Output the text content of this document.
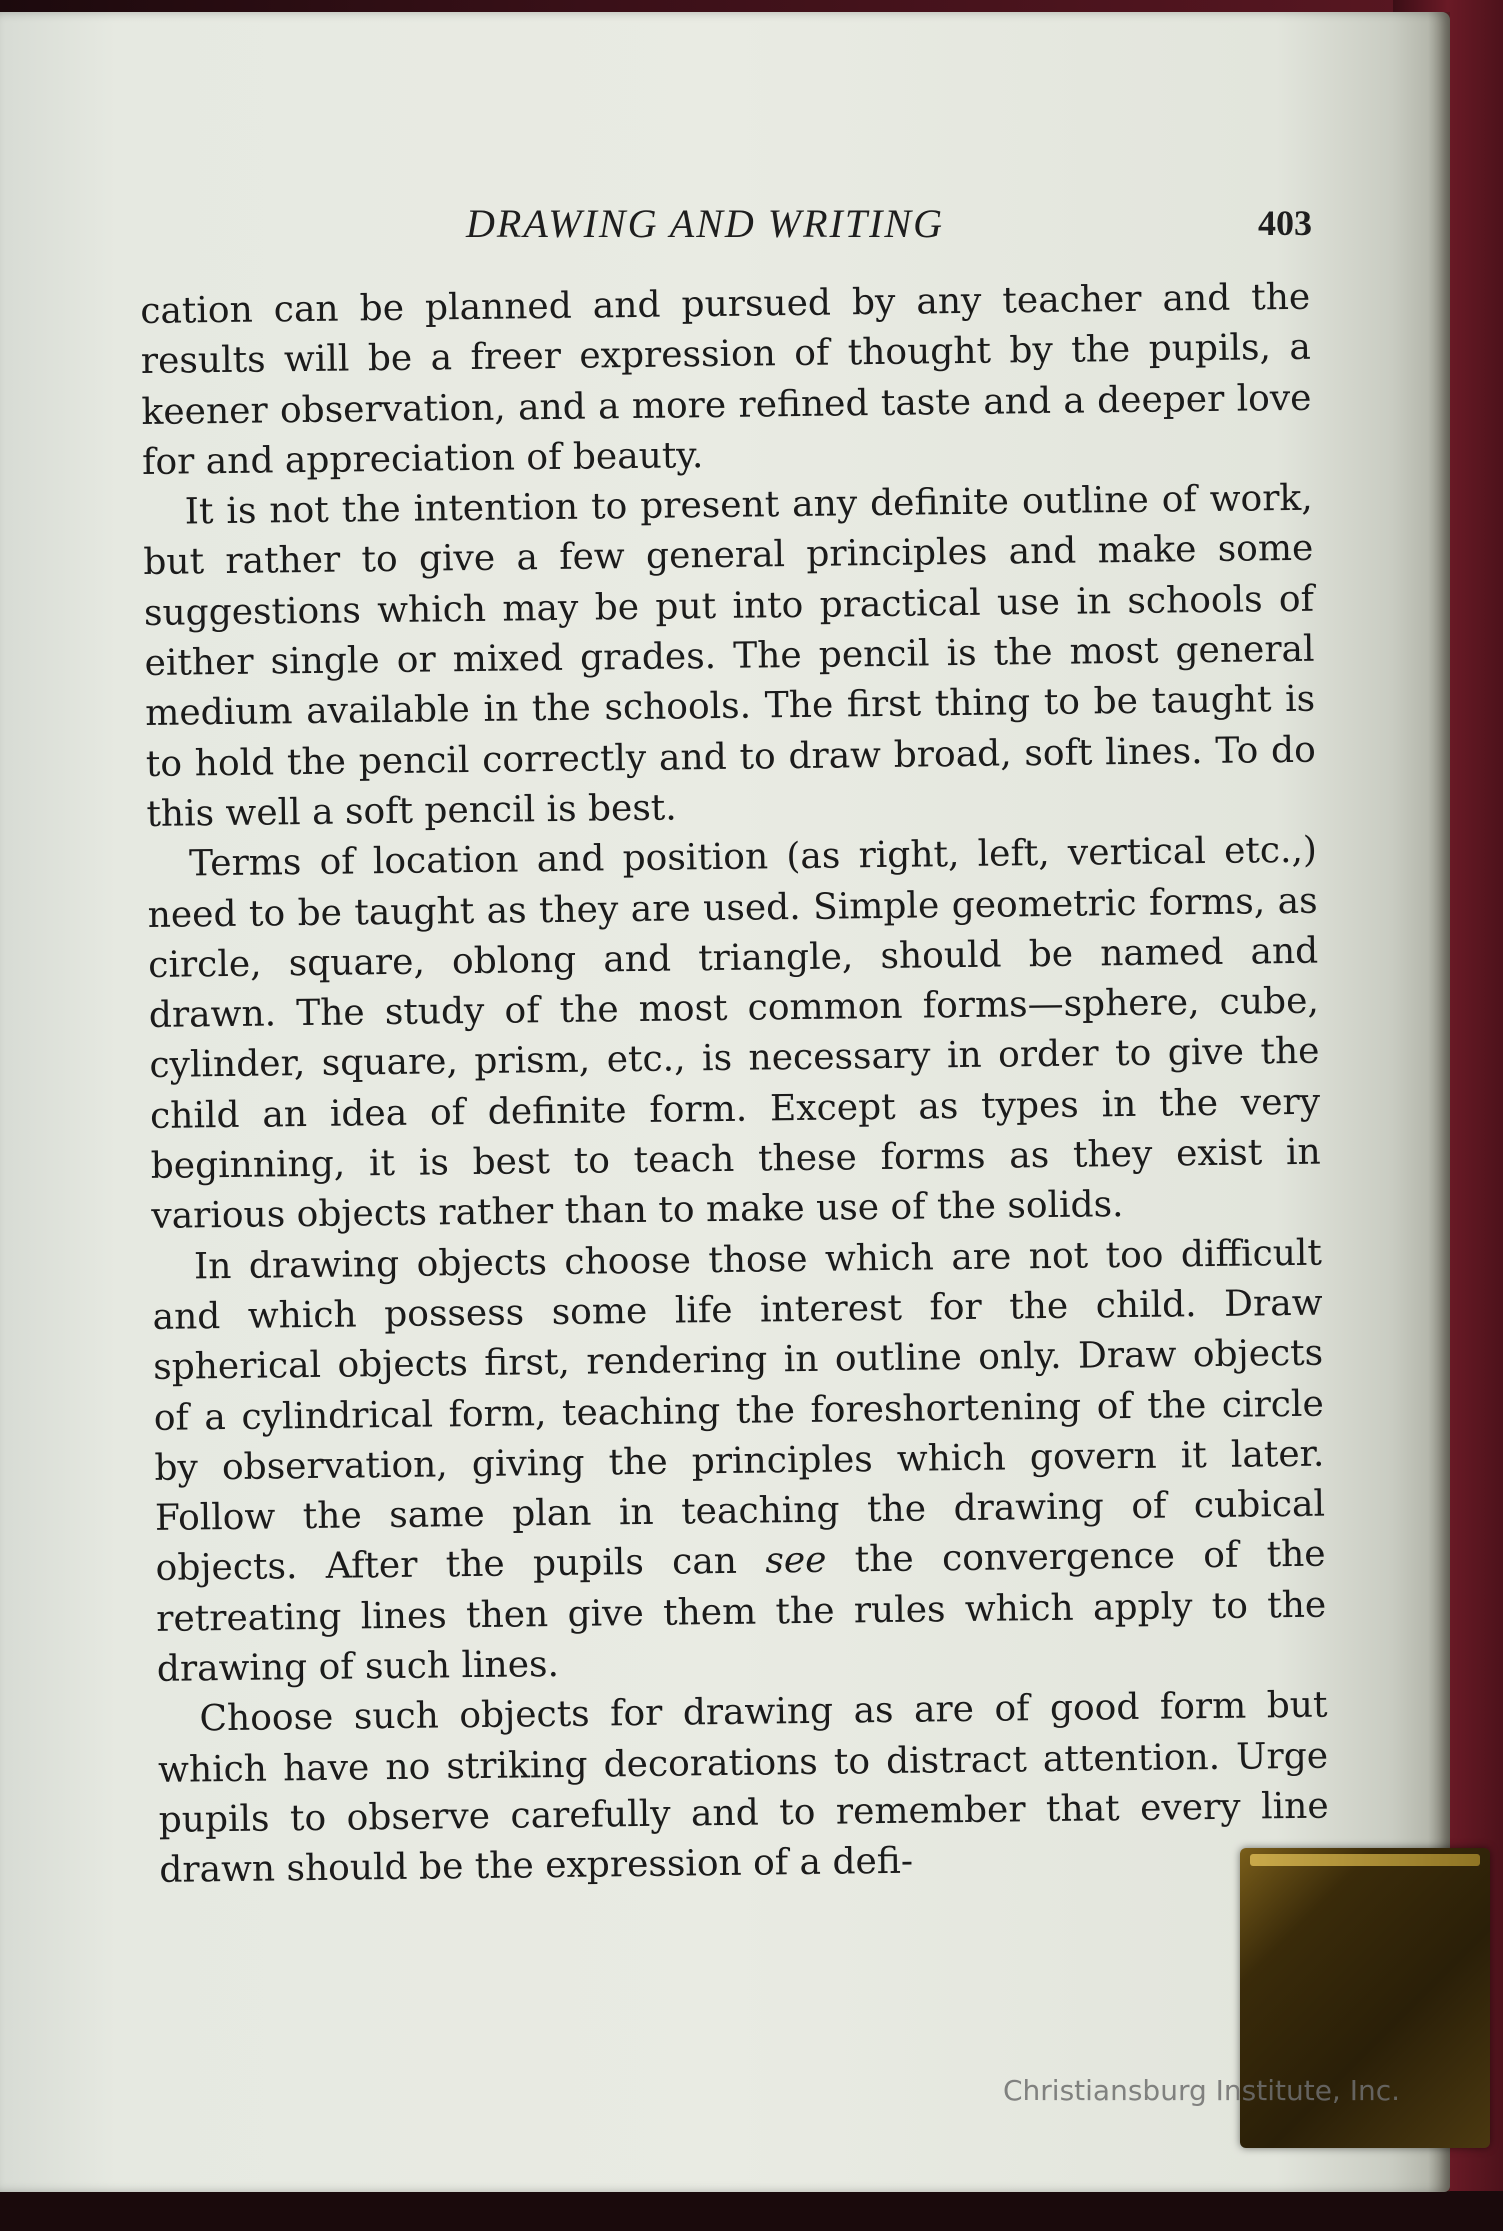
DRAWING AND WRITING	403

cation can be planned and pursued by any teacher and the results will be a freer expression of thought by the pupils, a keener observation, and a more refined taste and a deeper love for and appreciation of beauty.

It is not the intention to present any definite outline of work, but rather to give a few general principles and make some suggestions which may be put into practical use in schools of either single or mixed grades. The pencil is the most general medium available in the schools. The first thing to be taught is to hold the pencil correctly and to draw broad, soft lines. To do this well a soft pencil is best.

Terms of location and position (as right, left, vertical etc.,) need to be taught as they are used. Simple geometric forms, as circle, square, oblong and triangle, should be named and drawn. The study of the most common forms—sphere, cube, cylinder, square, prism, etc., is necessary in order to give the child an idea of definite form. Except as types in the very beginning, it is best to teach these forms as they exist in various objects rather than to make use of the solids.

In drawing objects choose those which are not too difficult and which possess some life interest for the child. Draw spherical objects first, rendering in outline only. Draw objects of a cylindrical form, teaching the foreshortening of the circle by observation, giving the principles which govern it later. Follow the same plan in teaching the drawing of cubical objects. After the pupils can see the convergence of the retreating lines then give them the rules which apply to the drawing of such lines.

Choose such objects for drawing as are of good form but which have no striking decorations to distract attention. Urge pupils to observe carefully and to remember that every line drawn should be the expression of a defi-

Christiansburg Institute, Inc.
